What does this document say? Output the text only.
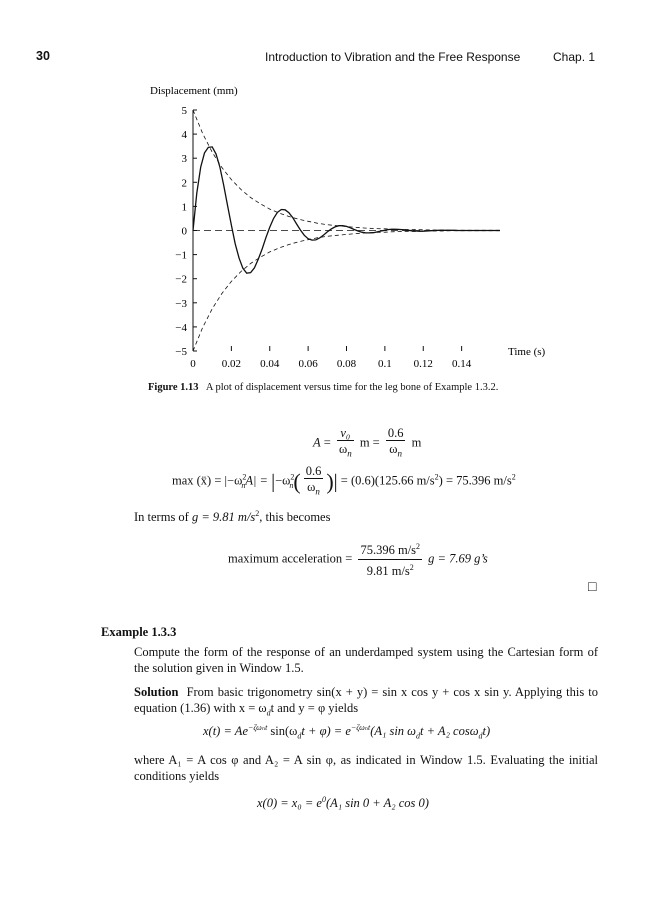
30	Introduction to Vibration and the Free Response	Chap. 1
Displacement (mm)
Time (s)
5
4
3
2
1
0
−1
−2
−3
−4
−5
0 0.02 0.04 0.06 0.08 0.1 0.12 0.14
Figure 1.13 A plot of displacement versus time for the leg bone of Example 1.3.2.
$A = \frac{\text{v₀}}{\omega_n}$ $m = \frac{0.6}{\omega_n}$ m
max (ẍ) = $|-\omega^2_nA| = |-\omega^2_n( \frac{0.6}{\omega_n}$ )| = (0.6)(125.66 $m/s^2) = 75.396$ $m/s^2$
In terms of g = 9.81 $m/s^2$, this becomes
maximum acceleration = $\frac{75.396 m/s^2}{9.81 m/s^2}$ g = 7.69 g’s
□
Example 1.3.3

Compute the form of the response of an underdamped system using the Cartesian form of the solution given in Window 1.5.

Solution From basic trigonometry sin(x + y) = sin x cos y + cos x sin y. Applying this to equation (1.36) with $x = \omega_dt$ and y = φ yields

$x(t) = Ae^{-\zeta\omega_nt}$ $\sin(\omega_dt + \varphi) = e^{-\zeta\omega_nt}(A_1$ $\sin \omega_dt + A_2$ cosω$_d$t)

where A₁ = A cos φ and A₂ = A sin φ, as indicated in Window 1.5. Evaluating the initial conditions yields

$x(0) = x_0 = e^0(A_1$ sin 0 + A₂ cos 0)
